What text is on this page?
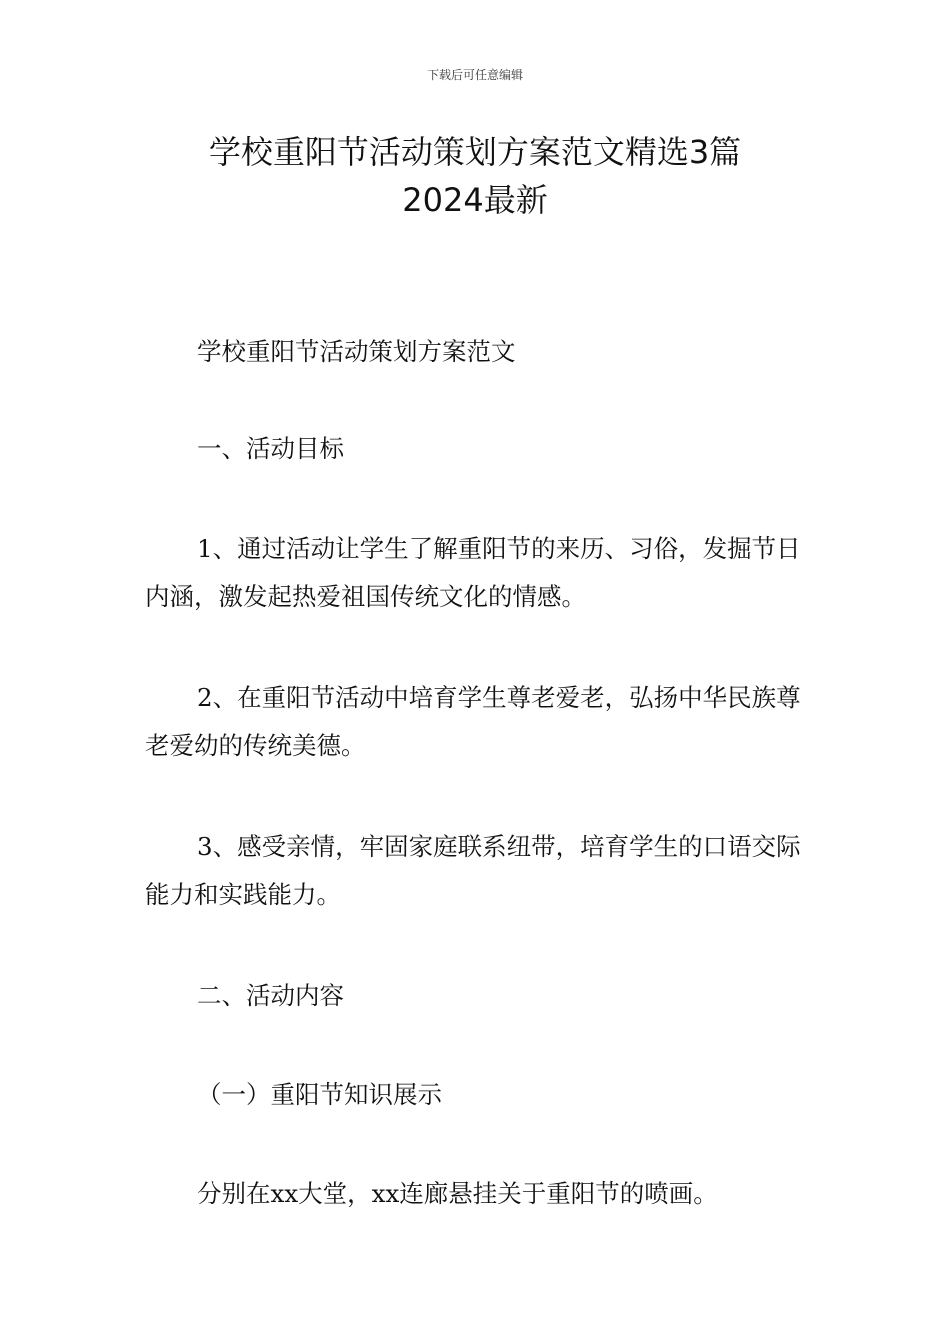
下载后可任意编辑
学校重阳节活动策划方案范文精选3篇
2024最新
学校重阳节活动策划方案范文
一、活动目标
1、通过活动让学生了解重阳节的来历、习俗，发掘节日内涵，激发起热爱祖国传统文化的情感。
2、在重阳节活动中培育学生尊老爱老，弘扬中华民族尊老爱幼的传统美德。
3、感受亲情，牢固家庭联系纽带，培育学生的口语交际能力和实践能力。
二、活动内容
（一）重阳节知识展示
分别在xx大堂，xx连廊悬挂关于重阳节的喷画。
